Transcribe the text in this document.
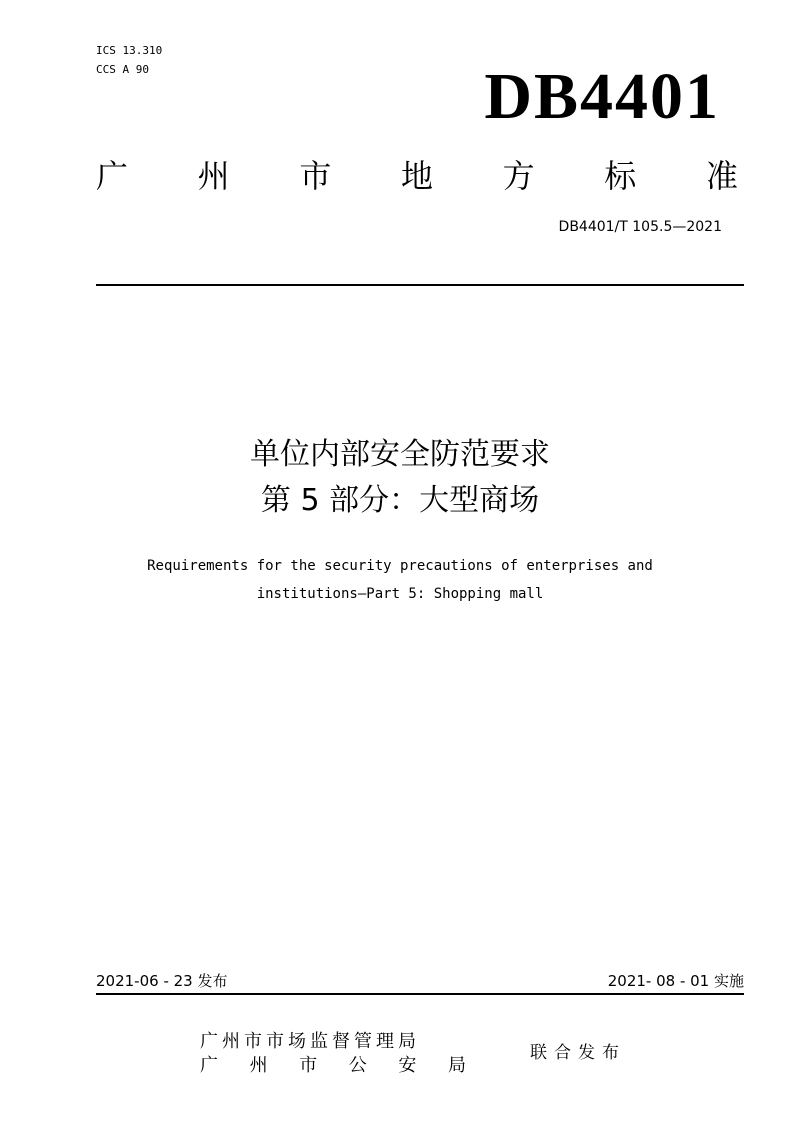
ICS 13.310
CCS A 90	DB4401
广 州 市 地 方 标 准
DB4401/T 105.5—2021
单位内部安全防范要求
第 5 部分：大型商场
Requirements for the security precautions of enterprises and
institutions—Part 5: Shopping mall
2021-06 - 23 发布	2021- 08 - 01 实施
广州市市场监督管理局
广 州 市 公 安 局
联合发布
